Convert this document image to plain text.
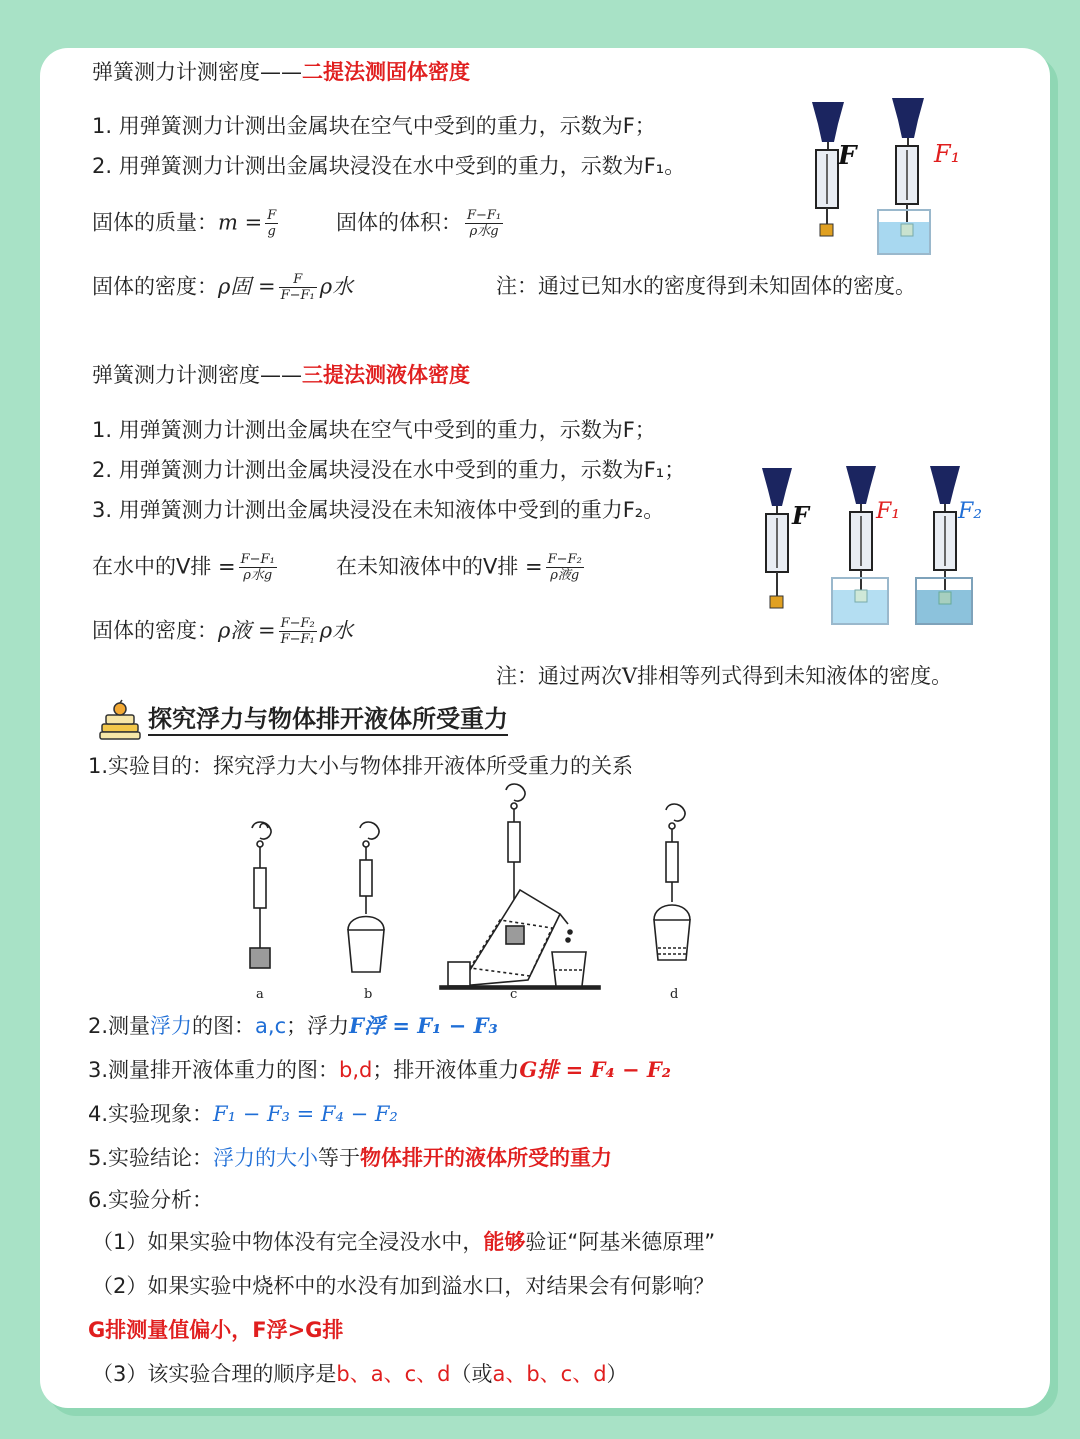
弹簧测力计测密度——二提法测固体密度
1. 用弹簧测力计测出金属块在空气中受到的重力，示数为F；
2. 用弹簧测力计测出金属块浸没在水中受到的重力，示数为F₁。
固体的质量：$m = \frac{F}{g}$	固体的体积： $\frac{\text{F−F₁}}{\text{ρ水g}}$
固体的密度：ρ固 = $\frac{F}{\text{F−F₁}}$ ρ水	注：通过已知水的密度得到未知固体的密度。
F	F₁
弹簧测力计测密度——三提法测液体密度
1. 用弹簧测力计测出金属块在空气中受到的重力，示数为F；
2. 用弹簧测力计测出金属块浸没在水中受到的重力，示数为F₁；
3. 用弹簧测力计测出金属块浸没在未知液体中受到的重力F₂。
在水中的V排 = $\frac{\text{F−F₁}}{\text{ρ水g}}$	在未知液体中的V排 = $\frac{\text{F−F₂}}{\text{ρ液g}}$
固体的密度：ρ液 = $\frac{\text{F−F₂}}{\text{F−F₁}}$ ρ水
注：通过两次V排相等列式得到未知液体的密度。
F	F₁	F₂
探究浮力与物体排开液体所受重力
1.实验目的：探究浮力大小与物体排开液体所受重力的关系
a	b	c	d
2.测量浮力的图：a,c；浮力F浮 = F₁ − F₃
3.测量排开液体重力的图：b,d；排开液体重力G排 = F₄ − F₂
4.实验现象：F₁ − F₃ = F₄ − F₂
5.实验结论：浮力的大小等于物体排开的液体所受的重力
6.实验分析：
（1）如果实验中物体没有完全浸没水中，能够验证“阿基米德原理”
（2）如果实验中烧杯中的水没有加到溢水口，对结果会有何影响？
G排测量值偏小，F浮>G排
（3）该实验合理的顺序是b、a、c、d（或a、b、c、d）
